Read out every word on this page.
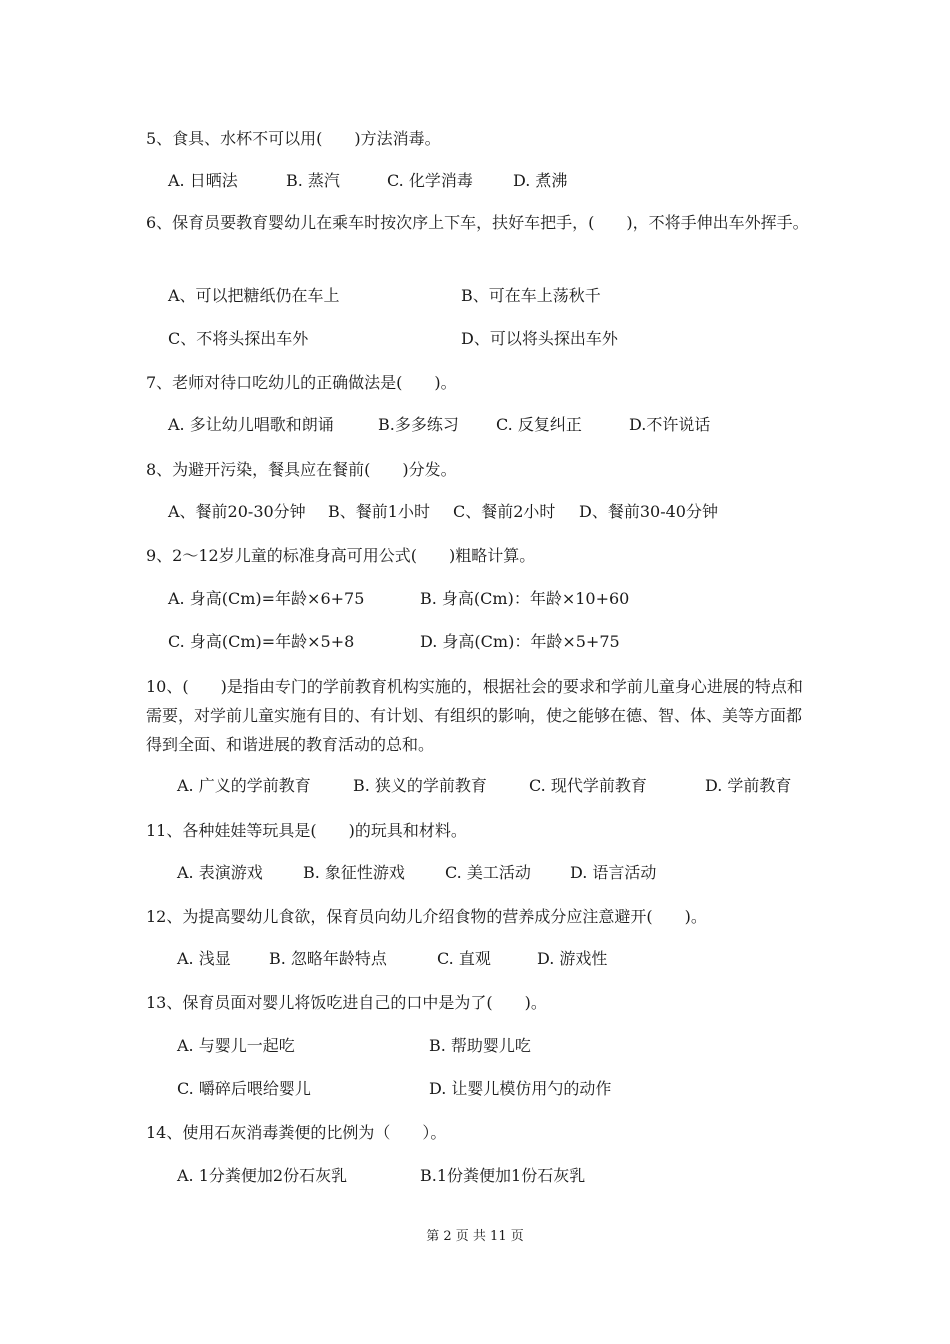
5、食具、水杯不可以用(　　)方法消毒。
A. 日晒法	B. 蒸汽	C. 化学消毒	D. 煮沸
6、保育员要教育婴幼儿在乘车时按次序上下车，扶好车把手，(　　)，不将手伸出车外挥手。
A、可以把糖纸仍在车上	B、可在车上荡秋千
C、不将头探出车外	D、可以将头探出车外
7、老师对待口吃幼儿的正确做法是(　　)。
A. 多让幼儿唱歌和朗诵	B.多多练习 C. 反复纠正	D.不许说话
8、为避开污染，餐具应在餐前(　　)分发。
A、餐前20-30分钟 B、餐前1小时 C、餐前2小时 D、餐前30-40分钟
9、2～12岁儿童的标准身高可用公式(　　)粗略计算。
A. 身高(Cm)=年龄×6+75	B. 身高(Cm)：年龄×10+60
C. 身高(Cm)=年龄×5+8	D. 身高(Cm)：年龄×5+75
10、(　　)是指由专门的学前教育机构实施的，根据社会的要求和学前儿童身心进展的特点和需要，对学前儿童实施有目的、有计划、有组织的影响，使之能够在德、智、体、美等方面都得到全面、和谐进展的教育活动的总和。
A. 广义的学前教育	B. 狭义的学前教育	C. 现代学前教育	D. 学前教育
11、各种娃娃等玩具是(　　)的玩具和材料。
A. 表演游戏	B. 象征性游戏	C. 美工活动 D. 语言活动
12、为提高婴幼儿食欲，保育员向幼儿介绍食物的营养成分应注意避开(　　)。
A. 浅显 B. 忽略年龄特点	C. 直观	D. 游戏性
13、保育员面对婴儿将饭吃进自己的口中是为了(　　)。
A. 与婴儿一起吃	B. 帮助婴儿吃
C. 嚼碎后喂给婴儿	D. 让婴儿模仿用勺的动作
14、使用石灰消毒粪便的比例为（　　）。
A. 1分粪便加2份石灰乳	B.1份粪便加1份石灰乳
第 2 页 共 11 页
